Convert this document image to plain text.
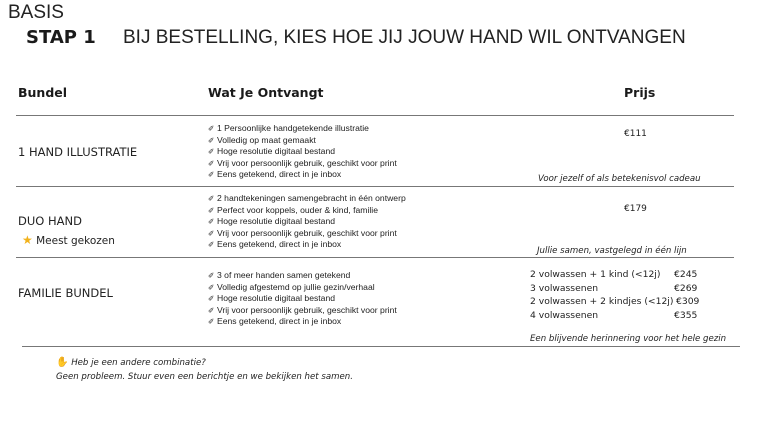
BASIS
STAP 1 BIJ BESTELLING, KIES HOE JIJ JOUW HAND WIL ONTVANGEN
Bundel	Wat Je Ontvangt	Prijs
1 HAND ILLUSTRATIE
✐ 1 Persoonlijke handgetekende illustratie
✐ Volledig op maat gemaakt
✐ Hoge resolutie digitaal bestand
✐ Vrij voor persoonlijk gebruik, geschikt voor print
✐ Eens getekend, direct in je inbox
€111
Voor jezelf of als betekenisvol cadeau
DUO HAND
★ Meest gekozen
✐ 2 handtekeningen samengebracht in één ontwerp
✐ Perfect voor koppels, ouder & kind, familie
✐ Hoge resolutie digitaal bestand
✐ Vrij voor persoonlijk gebruik, geschikt voor print
✐ Eens getekend, direct in je inbox
€179
Jullie samen, vastgelegd in één lijn
FAMILIE BUNDEL
✐ 3 of meer handen samen getekend
✐ Volledig afgestemd op jullie gezin/verhaal
✐ Hoge resolutie digitaal bestand
✐ Vrij voor persoonlijk gebruik, geschikt voor print
✐ Eens getekend, direct in je inbox
2 volwassen + 1 kind (<12j) €245
3 volwassenen	€269
2 volwassen + 2 kindjes (<12j) €309
4 volwassenen	€355
Een blijvende herinnering voor het hele gezin
✋ Heb je een andere combinatie?
Geen probleem. Stuur even een berichtje en we bekijken het samen.
